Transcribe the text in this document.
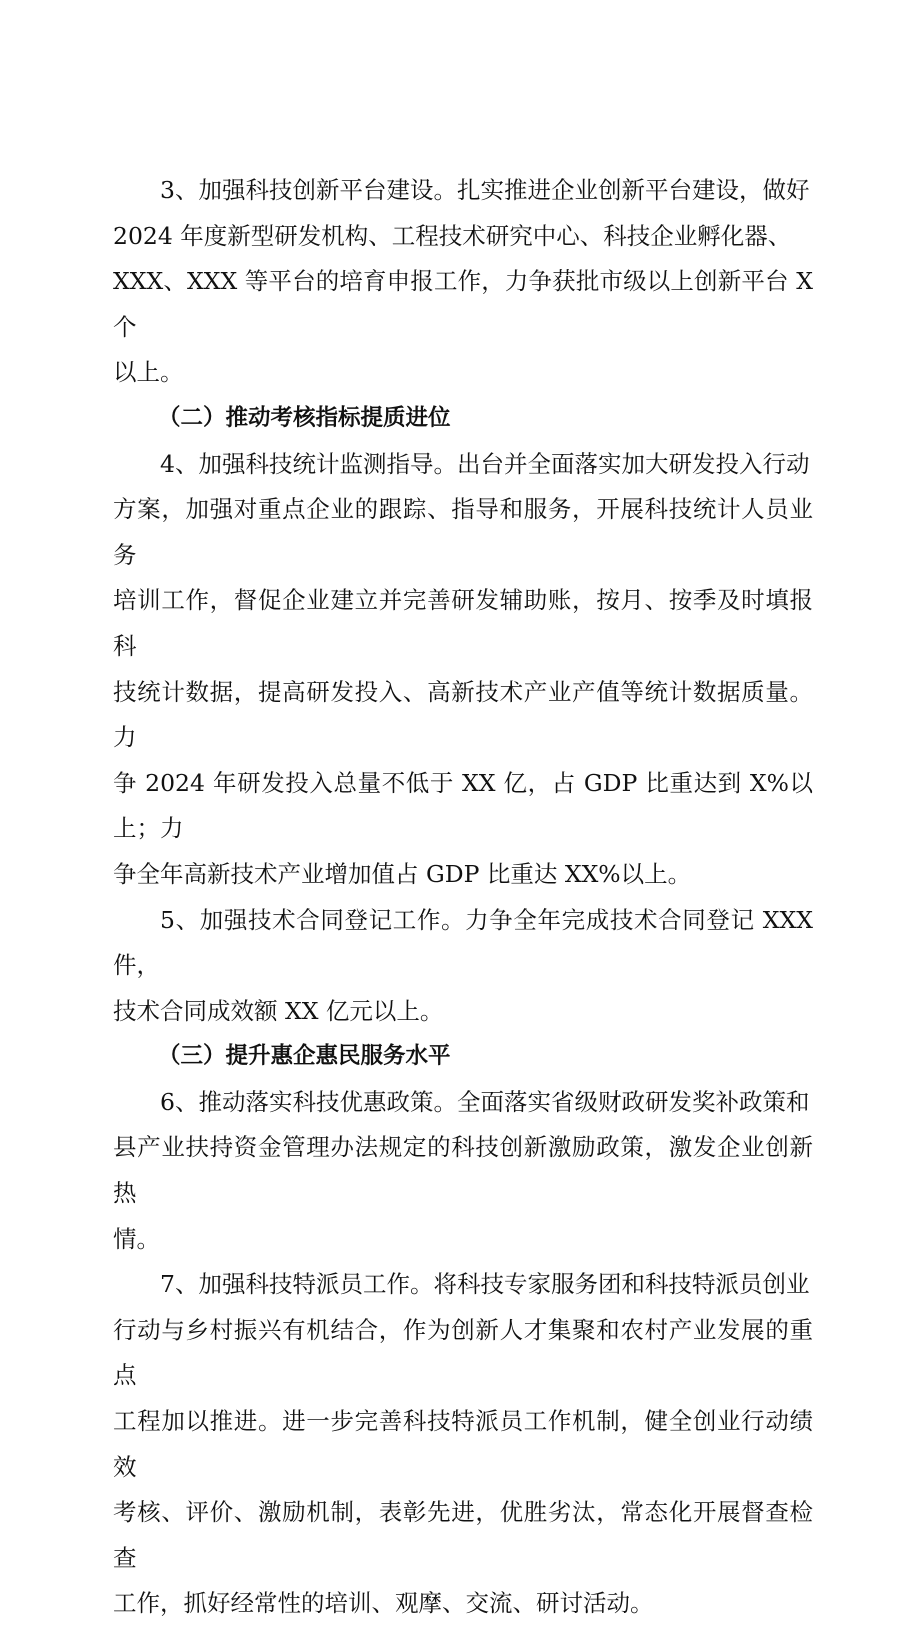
3、加强科技创新平台建设。扎实推进企业创新平台建设，做好
2024 年度新型研发机构、工程技术研究中心、科技企业孵化器、
XXX、XXX 等平台的培育申报工作，力争获批市级以上创新平台 X 个
以上。

（二）推动考核指标提质进位

4、加强科技统计监测指导。出台并全面落实加大研发投入行动
方案，加强对重点企业的跟踪、指导和服务，开展科技统计人员业务
培训工作，督促企业建立并完善研发辅助账，按月、按季及时填报科
技统计数据，提高研发投入、高新技术产业产值等统计数据质量。力
争 2024 年研发投入总量不低于 XX 亿，占 GDP 比重达到 X%以上；力
争全年高新技术产业增加值占 GDP 比重达 XX%以上。

5、加强技术合同登记工作。力争全年完成技术合同登记 XXX 件，
技术合同成效额 XX 亿元以上。

（三）提升惠企惠民服务水平

6、推动落实科技优惠政策。全面落实省级财政研发奖补政策和
县产业扶持资金管理办法规定的科技创新激励政策，激发企业创新热
情。

7、加强科技特派员工作。将科技专家服务团和科技特派员创业
行动与乡村振兴有机结合，作为创新人才集聚和农村产业发展的重点
工程加以推进。进一步完善科技特派员工作机制，健全创业行动绩效
考核、评价、激励机制，表彰先进，优胜劣汰，常态化开展督查检查
工作，抓好经常性的培训、观摩、交流、研讨活动。
